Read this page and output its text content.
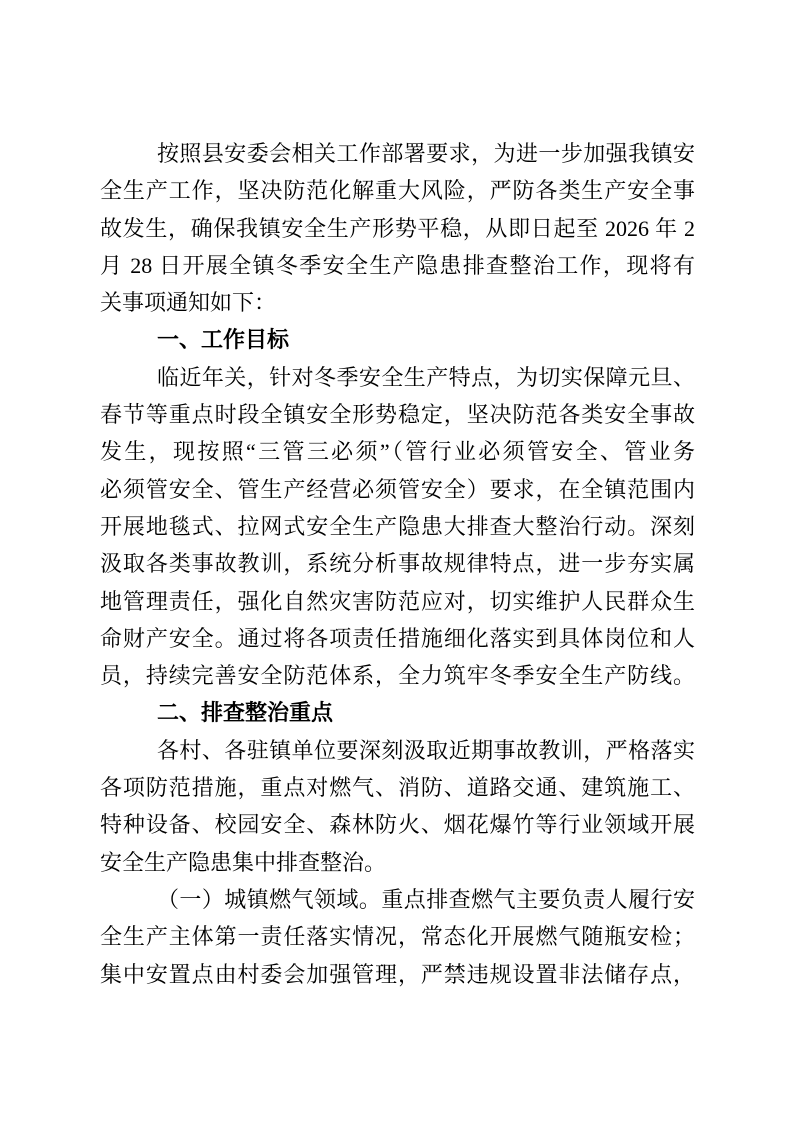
按照县安委会相关工作部署要求，为进一步加强我镇安
全生产工作，坚决防范化解重大风险，严防各类生产安全事
故发生，确保我镇安全生产形势平稳，从即日起至 2026 年 2
月 28 日开展全镇冬季安全生产隐患排查整治工作，现将有
关事项通知如下：
一、工作目标
临近年关，针对冬季安全生产特点，为切实保障元旦、
春节等重点时段全镇安全形势稳定，坚决防范各类安全事故
发生，现按照“三管三必须”（管行业必须管安全、管业务
必须管安全、管生产经营必须管安全）要求，在全镇范围内
开展地毯式、拉网式安全生产隐患大排查大整治行动。深刻
汲取各类事故教训，系统分析事故规律特点，进一步夯实属
地管理责任，强化自然灾害防范应对，切实维护人民群众生
命财产安全。通过将各项责任措施细化落实到具体岗位和人
员，持续完善安全防范体系，全力筑牢冬季安全生产防线。
二、排查整治重点
各村、各驻镇单位要深刻汲取近期事故教训，严格落实
各项防范措施，重点对燃气、消防、道路交通、建筑施工、
特种设备、校园安全、森林防火、烟花爆竹等行业领域开展
安全生产隐患集中排查整治。
（一）城镇燃气领域。重点排查燃气主要负责人履行安
全生产主体第一责任落实情况，常态化开展燃气随瓶安检；
集中安置点由村委会加强管理，严禁违规设置非法储存点，
